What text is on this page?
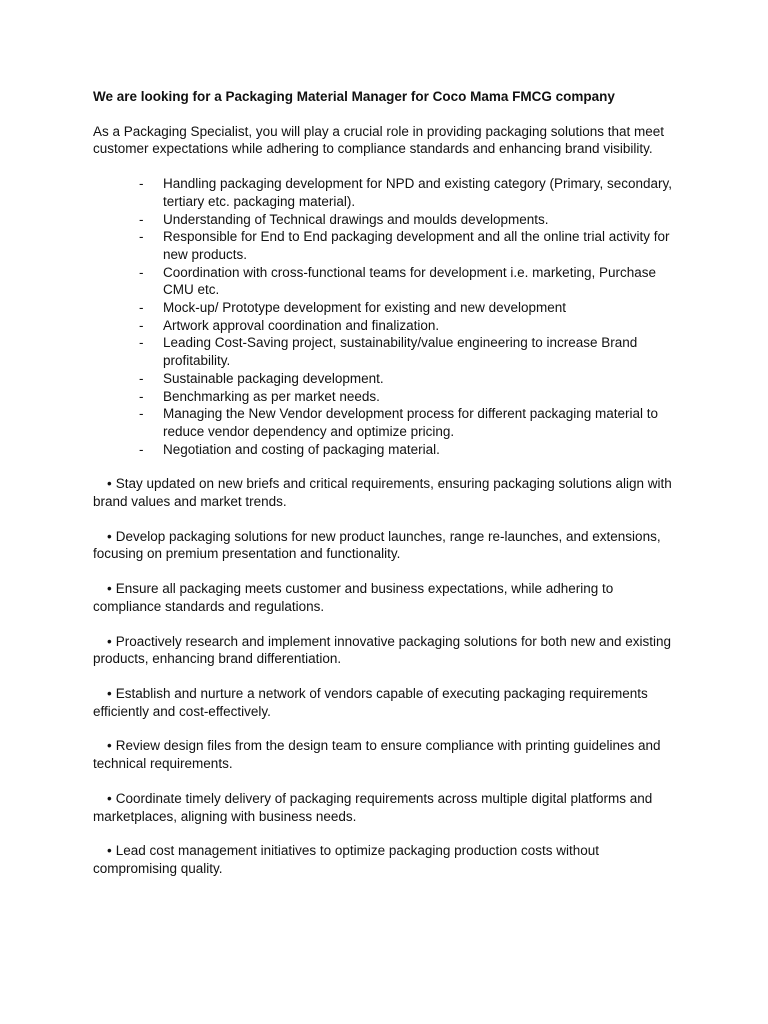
We are looking for a Packaging Material Manager for Coco Mama FMCG company

As a Packaging Specialist, you will play a crucial role in providing packaging solutions that meet customer expectations while adhering to compliance standards and enhancing brand visibility.

- Handling packaging development for NPD and existing category (Primary, secondary, tertiary etc. packaging material).
- Understanding of Technical drawings and moulds developments.
- Responsible for End to End packaging development and all the online trial activity for new products.
- Coordination with cross-functional teams for development i.e. marketing, Purchase CMU etc.
- Mock-up/ Prototype development for existing and new development
- Artwork approval coordination and finalization.
- Leading Cost-Saving project, sustainability/value engineering to increase Brand profitability.
- Sustainable packaging development.
- Benchmarking as per market needs.
- Managing the New Vendor development process for different packaging material to reduce vendor dependency and optimize pricing.
- Negotiation and costing of packaging material.

• Stay updated on new briefs and critical requirements, ensuring packaging solutions align with brand values and market trends.

• Develop packaging solutions for new product launches, range re-launches, and extensions, focusing on premium presentation and functionality.

• Ensure all packaging meets customer and business expectations, while adhering to compliance standards and regulations.

• Proactively research and implement innovative packaging solutions for both new and existing products, enhancing brand differentiation.

• Establish and nurture a network of vendors capable of executing packaging requirements efficiently and cost-effectively.

• Review design files from the design team to ensure compliance with printing guidelines and technical requirements.

• Coordinate timely delivery of packaging requirements across multiple digital platforms and marketplaces, aligning with business needs.

• Lead cost management initiatives to optimize packaging production costs without compromising quality.
